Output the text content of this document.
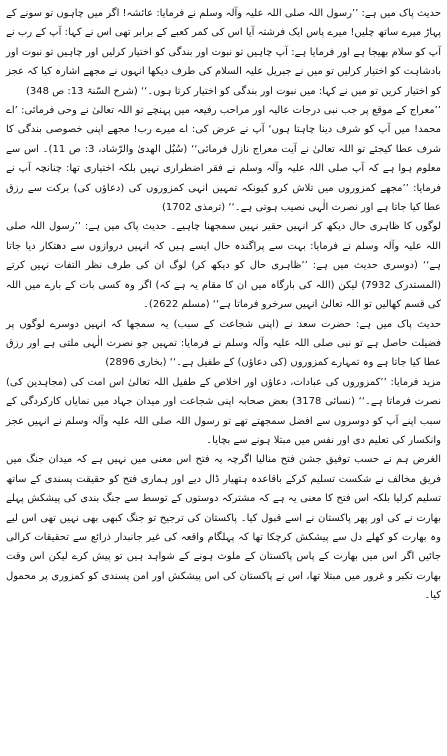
حدیث پاک میں ہے: ’’رسول اللہ صلی اللہ علیہ وآلہ وسلم نے فرمایا: عائشہ! اگر میں چاہوں تو سونے کے پہاڑ میرے ساتھ چلیں! میرے پاس ایک فرشتہ آیا اس کی کمر کعبے کے برابر تھی اس نے کہا: آپ کے رب نے آپ کو سلام بھیجا ہے اور فرمایا ہے: آپ چاہیں تو نبوت اور بندگی کو اختیار کرلیں اور چاہیں تو نبوت اور بادشاہت کو اختیار کرلیں تو میں نے جبریل علیہ السلام کی طرف دیکھا انہوں نے مجھے اشارہ کیا کہ عجز کو اختیار کریں تو میں نے کہا: میں نبوت اور بندگی کو اختیار کرتا ہوں۔‘‘ (شرح السّنۃ 13: ص 348)

’’معراج کے موقع پر جب نبی درجات عالیہ اور مراحب رفیعہ میں پہنچے تو اللہ تعالیٰ نے وحی فرمائی: ’اے محمد! میں آپ کو شرف دینا چاہتا ہوں‘ آپ نے عرض کی: اے میرے رب! مجھے اپنی خصوصی بندگی کا شرف عطا کیجئے تو اللہ تعالیٰ نے آیت معراج نازل فرمائی‘‘ (سُبُل الھدیٰ والرّشاد، 3: ص 11)۔ اس سے معلوم ہوا ہے کہ آپ صلی اللہ علیہ وآلہ وسلم نے فقر اضطراری نہیں بلکہ اختیاری تھا: چنانچہ آپ نے فرمایا: ’’مجھے کمزوروں میں تلاش کرو کیونکہ تمہیں انہی کمزوروں کی (دعاؤں کی) برکت سے رزق عطا کیا جاتا ہے اور نصرت الٰہی نصیب ہوتی ہے۔‘‘ (ترمذی 1702)

لوگوں کا ظاہری حال دیکھ کر انہیں حقیر نہیں سمجھنا چاہیے۔ حدیث پاک میں ہے: ’’رسول اللہ صلی اللہ علیہ وآلہ وسلم نے فرمایا: بہت سے پراگندہ حال ایسے ہیں کہ انہیں دروازوں سے دھتکار دیا جاتا ہے‘‘ (دوسری حدیث میں ہے: ’’ظاہری حال کو دیکھ کر) لوگ ان کی طرف نظر التفات نہیں کرتے (المستدرک 7932) لیکن (اللہ کی بارگاہ میں ان کا مقام یہ ہے کہ) اگر وہ کسی بات کے بارے میں اللہ کی قسم کھالیں تو اللہ تعالیٰ انہیں سرخرو فرماتا ہے‘‘ (مسلم 2622)۔

حدیث پاک میں ہے: حضرت سعد نے (اپنی شجاعت کے سبب) یہ سمجھا کہ انہیں دوسرے لوگوں پر فضیلت حاصل ہے تو نبی صلی اللہ علیہ وآلہ وسلم نے فرمایا: تمہیں جو نصرت الٰہی ملتی ہے اور رزق عطا کیا جاتا ہے وہ تمہارے کمزوروں (کی دعاؤں) کے طفیل ہے۔‘‘ (بخاری 2896)

مزید فرمایا: ’’کمزوروں کی عبادات، دعاؤں اور اخلاص کے طفیل اللہ تعالیٰ اس امت کی (مجاہدین کی) نصرت فرماتا ہے۔‘‘ (نسائی 3178) بعض صحابہ اپنی شجاعت اور میدان جہاد میں نمایاں کارکردگی کے سبب اپنے آپ کو دوسروں سے افضل سمجھتے تھے تو رسول اللہ صلی اللہ علیہ وآلہ وسلم نے انہیں عجز وانکسار کی تعلیم دی اور نفس میں مبتلا ہونے سے بچایا۔

الغرض ہم نے حسب توفیق جشن فتح منالیا اگرچہ یہ فتح اس معنی میں نہیں ہے کہ میدان جنگ میں فریق مخالف نے شکست تسلیم کرکے باقاعدہ ہتھیار ڈال دیے اور ہماری فتح کو حقیقت پسندی کے ساتھ تسلیم کرلیا بلکہ اس فتح کا معنی یہ ہے کہ مشترکہ دوستوں کے توسط سے جنگ بندی کی پیشکش پہلے بھارت نے کی اور پھر پاکستان نے اسے قبول کیا۔ پاکستان کی ترجیح تو جنگ کبھی بھی نہیں تھی اس لیے وہ بھارت کو کھلے دل سے پیشکش کرچکا تھا کہ پہلگام واقعہ کی غیر جانبدار ذرائع سے تحقیقات کرالی جائیں اگر اس میں بھارت کے پاس پاکستان کے ملوث ہونے کے شواہد ہیں تو پیش کرے لیکن اس وقت بھارت تکبر و غرور میں مبتلا تھا، اس نے پاکستان کی اس پیشکش اور امن پسندی کو کمزوری پر محمول کیا۔
